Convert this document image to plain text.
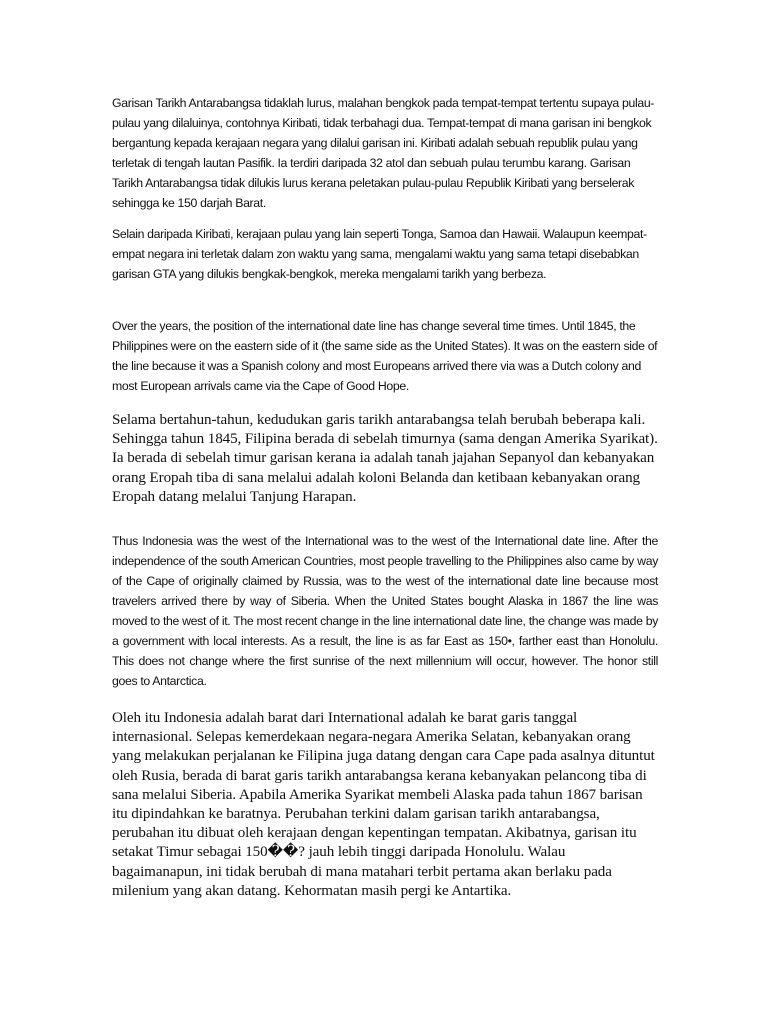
Garisan Tarikh Antarabangsa tidaklah lurus, malahan bengkok pada tempat-tempat tertentu supaya pulau-pulau yang dilaluinya, contohnya Kiribati, tidak terbahagi dua. Tempat-tempat di mana garisan ini bengkok bergantung kepada kerajaan negara yang dilalui garisan ini. Kiribati adalah sebuah republik pulau yang terletak di tengah lautan Pasifik. Ia terdiri daripada 32 atol dan sebuah pulau terumbu karang. Garisan Tarikh Antarabangsa tidak dilukis lurus kerana peletakan pulau-pulau Republik Kiribati yang berselerak sehingga ke 150 darjah Barat.

Selain daripada Kiribati, kerajaan pulau yang lain seperti Tonga, Samoa dan Hawaii. Walaupun keempat-empat negara ini terletak dalam zon waktu yang sama, mengalami waktu yang sama tetapi disebabkan garisan GTA yang dilukis bengkak-bengkok, mereka mengalami tarikh yang berbeza.

Over the years, the position of the international date line has change several time times. Until 1845, the Philippines were on the eastern side of it (the same side as the United States). It was on the eastern side of the line because it was a Spanish colony and most Europeans arrived there via was a Dutch colony and most European arrivals came via the Cape of Good Hope.

Selama bertahun-tahun, kedudukan garis tarikh antarabangsa telah berubah beberapa kali. Sehingga tahun 1845, Filipina berada di sebelah timurnya (sama dengan Amerika Syarikat). Ia berada di sebelah timur garisan kerana ia adalah tanah jajahan Sepanyol dan kebanyakan orang Eropah tiba di sana melalui adalah koloni Belanda dan ketibaan kebanyakan orang Eropah datang melalui Tanjung Harapan.

Thus Indonesia was the west of the International was to the west of the International date line. After the independence of the south American Countries, most people travelling to the Philippines also came by way of the Cape of originally claimed by Russia, was to the west of the international date line because most travelers arrived there by way of Siberia. When the United States bought Alaska in 1867 the line was moved to the west of it. The most recent change in the line international date line, the change was made by a government with local interests. As a result, the line is as far East as 150•, farther east than Honolulu. This does not change where the first sunrise of the next millennium will occur, however. The honor still goes to Antarctica.

Oleh itu Indonesia adalah barat dari International adalah ke barat garis tanggal internasional. Selepas kemerdekaan negara-negara Amerika Selatan, kebanyakan orang yang melakukan perjalanan ke Filipina juga datang dengan cara Cape pada asalnya dituntut oleh Rusia, berada di barat garis tarikh antarabangsa kerana kebanyakan pelancong tiba di sana melalui Siberia. Apabila Amerika Syarikat membeli Alaska pada tahun 1867 barisan itu dipindahkan ke baratnya. Perubahan terkini dalam garisan tarikh antarabangsa, perubahan itu dibuat oleh kerajaan dengan kepentingan tempatan. Akibatnya, garisan itu setakat Timur sebagai 150��? jauh lebih tinggi daripada Honolulu. Walau bagaimanapun, ini tidak berubah di mana matahari terbit pertama akan berlaku pada milenium yang akan datang. Kehormatan masih pergi ke Antartika.
